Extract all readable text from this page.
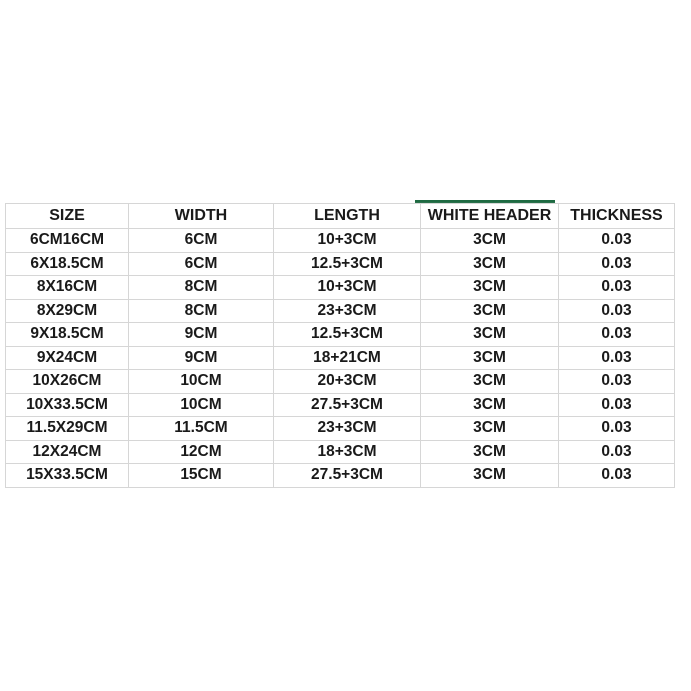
SIZE	WIDTH	LENGTH	WHITE HEADER	THICKNESS
6CM16CM	6CM	10+3CM	3CM	0.03
6X18.5CM	6CM	12.5+3CM	3CM	0.03
8X16CM	8CM	10+3CM	3CM	0.03
8X29CM	8CM	23+3CM	3CM	0.03
9X18.5CM	9CM	12.5+3CM	3CM	0.03
9X24CM	9CM	18+21CM	3CM	0.03
10X26CM	10CM	20+3CM	3CM	0.03
10X33.5CM	10CM	27.5+3CM	3CM	0.03
11.5X29CM	11.5CM	23+3CM	3CM	0.03
12X24CM	12CM	18+3CM	3CM	0.03
15X33.5CM	15CM	27.5+3CM	3CM	0.03
